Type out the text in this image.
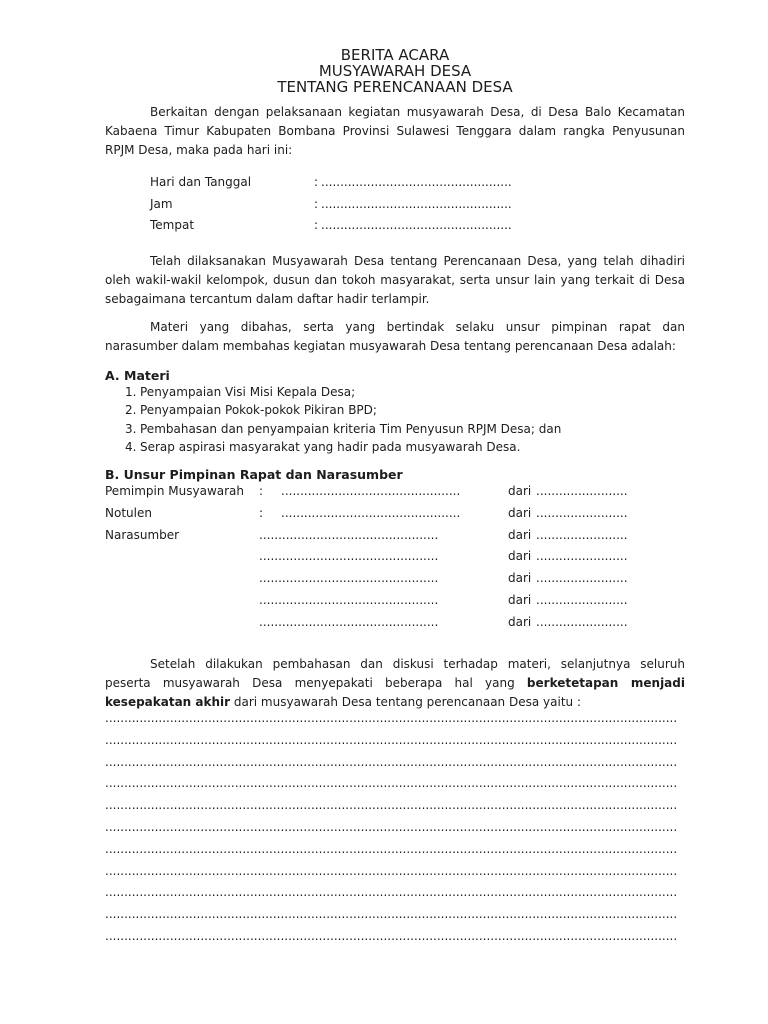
BERITA ACARA
MUSYAWARAH DESA
TENTANG PERENCANAAN DESA
Berkaitan dengan pelaksanaan kegiatan musyawarah Desa, di Desa Balo Kecamatan
Kabaena Timur Kabupaten Bombana Provinsi Sulawesi Tenggara dalam rangka Penyusunan
RPJM Desa, maka pada hari ini:
Hari dan Tanggal	: ..................................................
Jam	: ..................................................
Tempat	: ..................................................
Telah dilaksanakan Musyawarah Desa tentang Perencanaan Desa, yang telah dihadiri
oleh wakil-wakil kelompok, dusun dan tokoh masyarakat, serta unsur lain yang terkait di Desa
sebagaimana tercantum dalam daftar hadir terlampir.
Materi yang dibahas, serta yang bertindak selaku unsur pimpinan rapat dan
narasumber dalam membahas kegiatan musyawarah Desa tentang perencanaan Desa adalah:
A. Materi
1. Penyampaian Visi Misi Kepala Desa;
2. Penyampaian Pokok-pokok Pikiran BPD;
3. Pembahasan dan penyampaian kriteria Tim Penyusun RPJM Desa; dan
4. Serap aspirasi masyarakat yang hadir pada musyawarah Desa.
B. Unsur Pimpinan Rapat dan Narasumber
Pemimpin Musyawarah : ...............................................	dari ........................
Notulen	: ...............................................	dari ........................
Narasumber	...............................................	dari ........................
...............................................	dari ........................
...............................................	dari ........................
...............................................	dari ........................
...............................................	dari ........................
Setelah dilakukan pembahasan dan diskusi terhadap materi, selanjutnya seluruh
peserta musyawarah Desa menyepakati beberapa hal yang berketetapan menjadi
kesepakatan akhir dari musyawarah Desa tentang perencanaan Desa yaitu :
......................................................................................................................................................
......................................................................................................................................................
......................................................................................................................................................
......................................................................................................................................................
......................................................................................................................................................
......................................................................................................................................................
......................................................................................................................................................
......................................................................................................................................................
......................................................................................................................................................
......................................................................................................................................................
......................................................................................................................................................
